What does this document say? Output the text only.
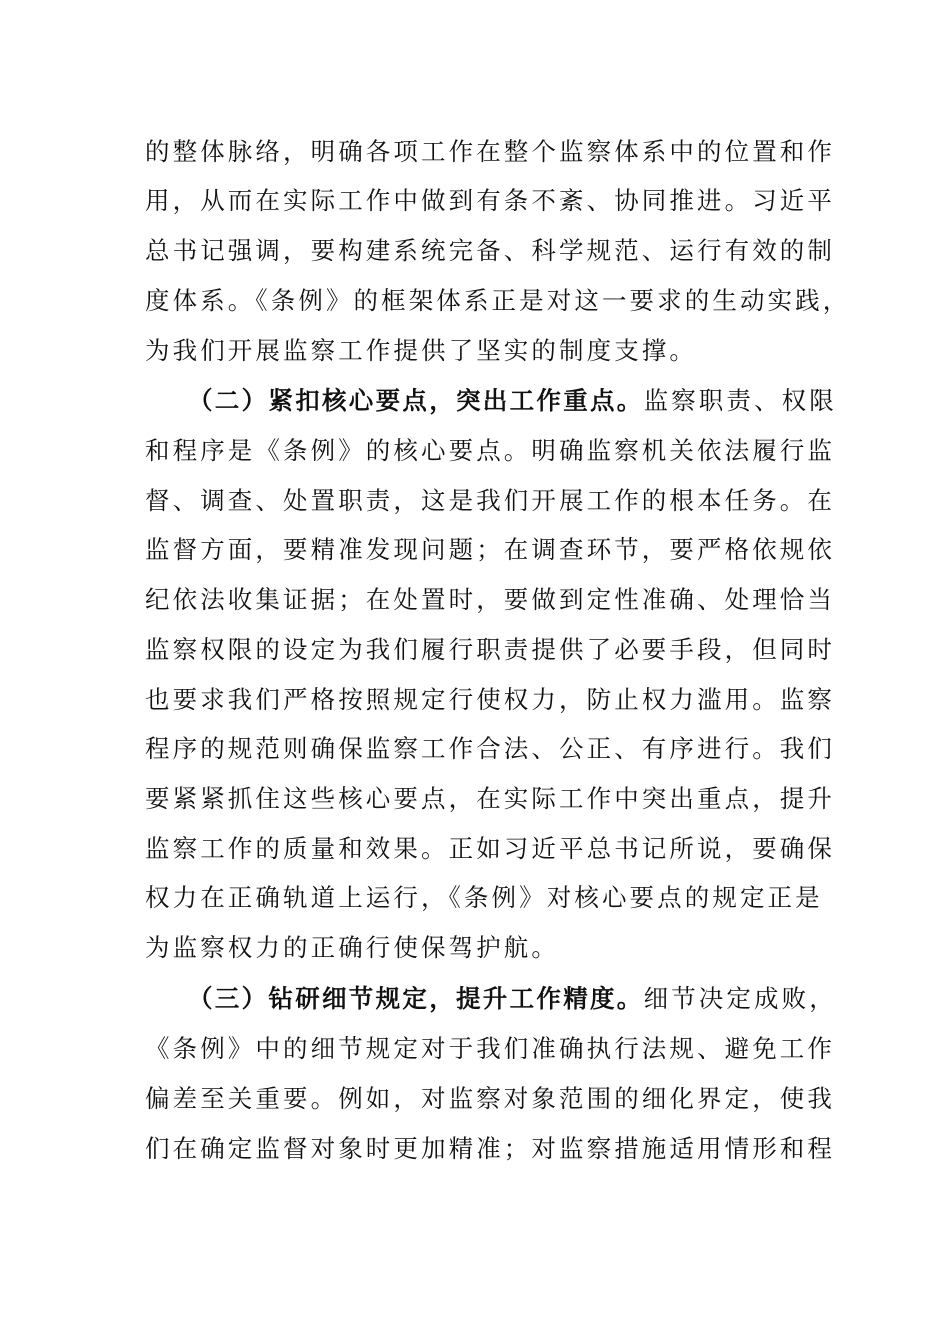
的整体脉络，明确各项工作在整个监察体系中的位置和作
用，从而在实际工作中做到有条不紊、协同推进。习近平
总书记强调，要构建系统完备、科学规范、运行有效的制
度体系。《条例》的框架体系正是对这一要求的生动实践，
为我们开展监察工作提供了坚实的制度支撑。
（二）紧扣核心要点，突出工作重点。监察职责、权限
和程序是《条例》的核心要点。明确监察机关依法履行监
督、调查、处置职责，这是我们开展工作的根本任务。在
监督方面，要精准发现问题；在调查环节，要严格依规依
纪依法收集证据；在处置时，要做到定性准确、处理恰当
监察权限的设定为我们履行职责提供了必要手段，但同时
也要求我们严格按照规定行使权力，防止权力滥用。监察
程序的规范则确保监察工作合法、公正、有序进行。我们
要紧紧抓住这些核心要点，在实际工作中突出重点，提升
监察工作的质量和效果。正如习近平总书记所说，要确保
权力在正确轨道上运行，《条例》对核心要点的规定正是
为监察权力的正确行使保驾护航。
（三）钻研细节规定，提升工作精度。细节决定成败，
《条例》中的细节规定对于我们准确执行法规、避免工作
偏差至关重要。例如，对监察对象范围的细化界定，使我
们在确定监督对象时更加精准；对监察措施适用情形和程
